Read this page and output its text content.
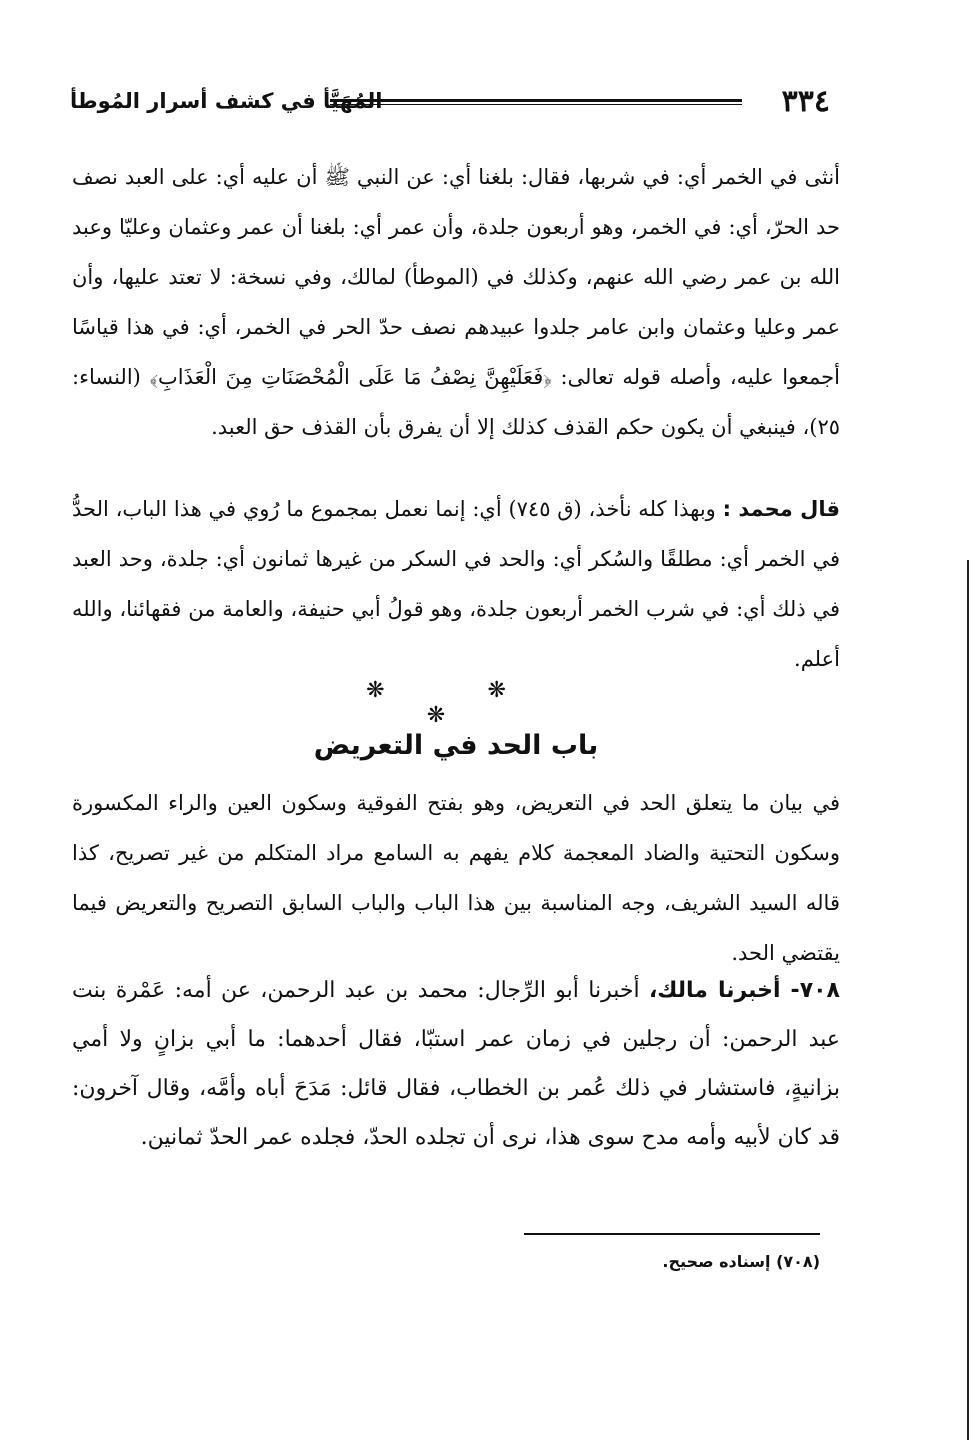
٣٣٤
المُهَيَّأ في كشف أسرار المُوطأ

أنثى في الخمر أي: في شربها، فقال: بلغنا أي: عن النبي ﷺ أن عليه أي: على العبد نصف حد الحرّ، أي: في الخمر، وهو أربعون جلدة، وأن عمر أي: بلغنا أن عمر وعثمان وعليّا وعبد الله بن عمر رضي الله عنهم، وكذلك في (الموطأ) لمالك، وفي نسخة: لا تعتد عليها، وأن عمر وعليا وعثمان وابن عامر جلدوا عبيدهم نصف حدّ الحر في الخمر، أي: في هذا قياسًا أجمعوا عليه، وأصله قوله تعالى: ﴿فَعَلَيْهِنَّ نِصْفُ مَا عَلَى الْمُحْصَنَاتِ مِنَ الْعَذَابِ﴾ (النساء: ٢٥)، فينبغي أن يكون حكم القذف كذلك إلا أن يفرق بأن القذف حق العبد.

قال محمد : وبهذا كله نأخذ، (ق ٧٤٥) أي: إنما نعمل بمجموع ما رُوي في هذا الباب، الحدُّ في الخمر أي: مطلقًا والسُكر أي: والحد في السكر من غيرها ثمانون أي: جلدة، وحد العبد في ذلك أي: في شرب الخمر أربعون جلدة، وهو قولُ أبي حنيفة، والعامة من فقهائنا، والله أعلم.

❋ ❋ ❋
باب الحد في التعريض

في بيان ما يتعلق الحد في التعريض، وهو بفتح الفوقية وسكون العين والراء المكسورة وسكون التحتية والضاد المعجمة كلام يفهم به السامع مراد المتكلم من غير تصريح، كذا قاله السيد الشريف، وجه المناسبة بين هذا الباب والباب السابق التصريح والتعريض فيما يقتضي الحد.

٧٠٨- أخبرنا مالك، أخبرنا أبو الرِّجال: محمد بن عبد الرحمن، عن أمه: عَمْرة بنت عبد الرحمن: أن رجلين في زمان عمر استبّا، فقال أحدهما: ما أبي بزانٍ ولا أمي بزانيةٍ، فاستشار في ذلك عُمر بن الخطاب، فقال قائل: مَدَحَ أباه وأمَّه، وقال آخرون: قد كان لأبيه وأمه مدح سوى هذا، نرى أن تجلده الحدّ، فجلده عمر الحدّ ثمانين.

(٧٠٨) إسناده صحيح.
